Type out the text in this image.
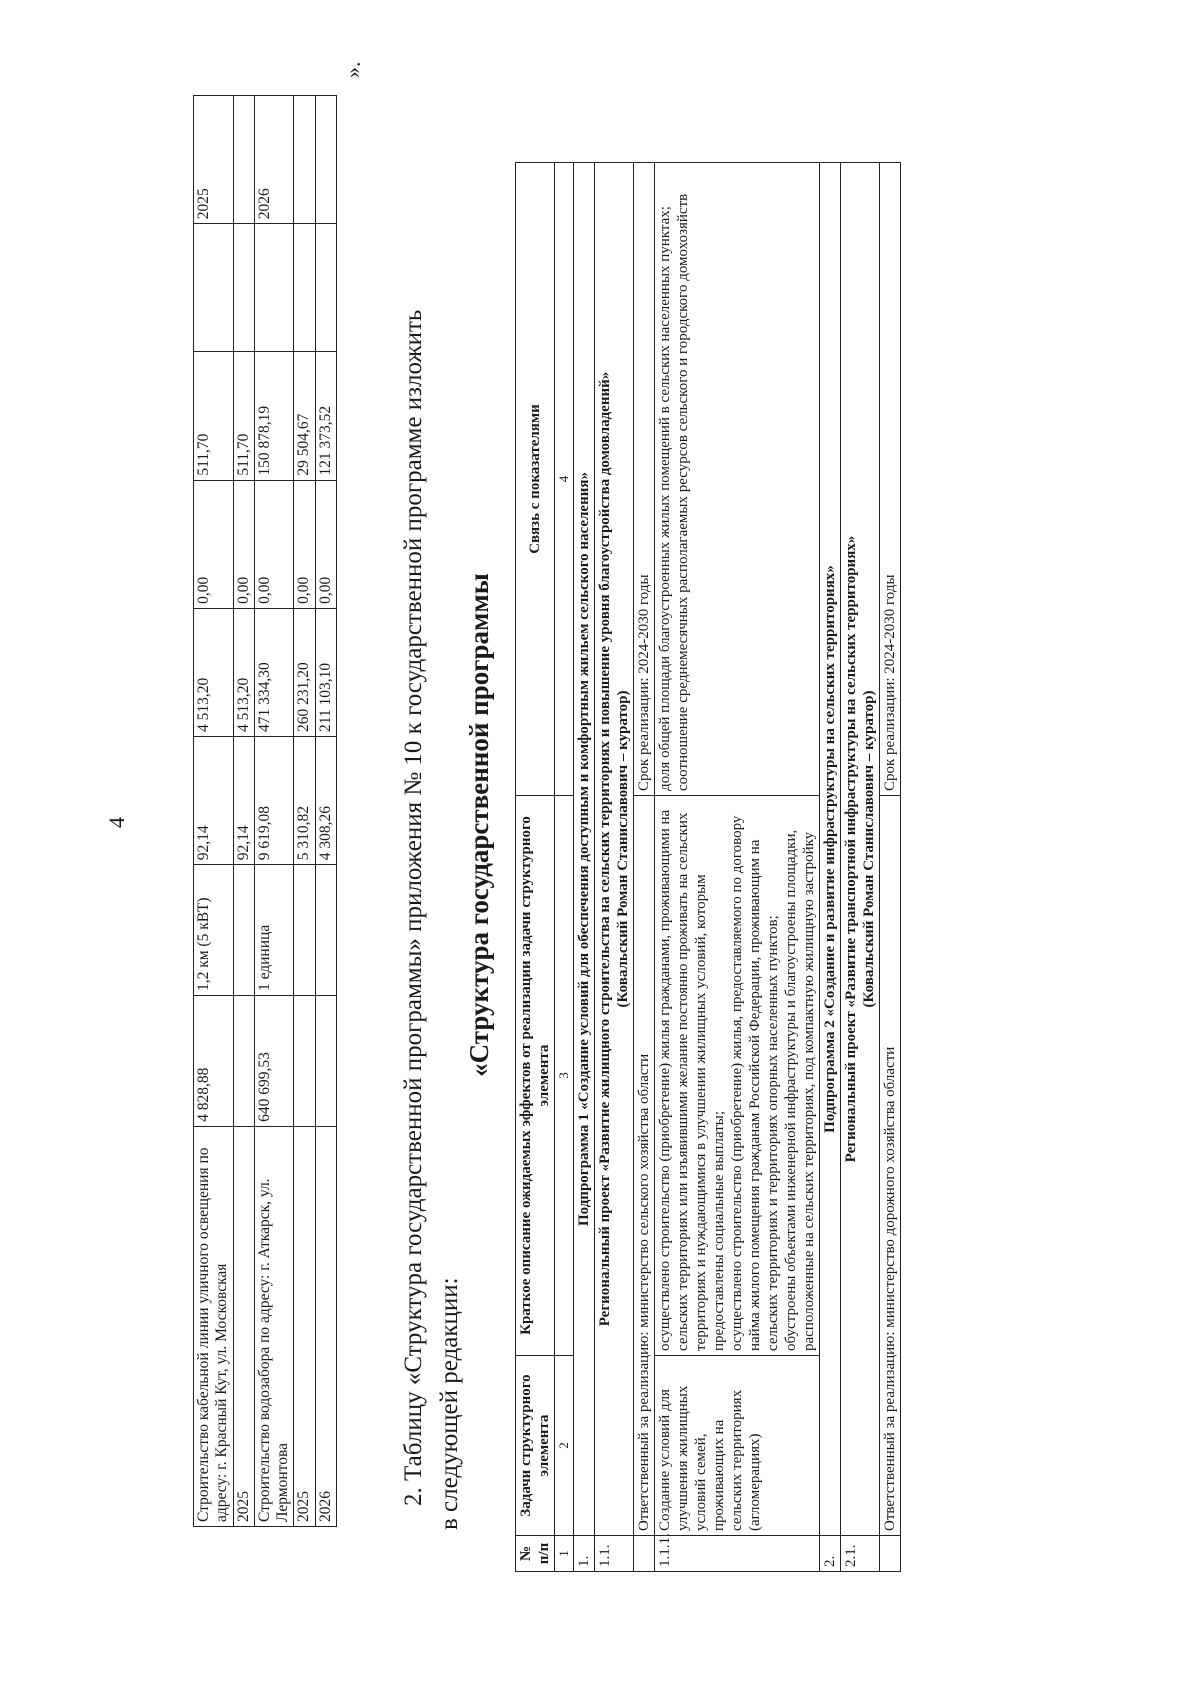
4
Строительство кабельной линии уличного освещения по адресу: г. Красный Кут, ул. Московская	4 828,88	1,2 км (5 кВТ)	92,14	4 513,20	0,00	511,70		2025
2025			92,14	4 513,20	0,00	511,70		
Строительство водозабора по адресу: г. Аткарск, ул. Лермонтова	640 699,53	1 единица	9 619,08	471 334,30	0,00	150 878,19		2026
2025			5 310,82	260 231,20	0,00	29 504,67		
2026			4 308,26	211 103,10	0,00	121 373,52		
».
2. Таблицу «Структура государственной программы» приложения № 10 к государственной программе изложить в следующей редакции:
«Структура государственной программы
№ п/п	Задачи структурного элемента	Краткое описание ожидаемых эффектов от реализации задачи структурного элемента	Связь с показателями
1	2	3	4
1.	Подпрограмма 1 «Создание условий для обеспечения доступным и комфортным жильем сельского населения»		
1.1.	Региональный проект «Развитие жилищного строительства на сельских территориях и повышение уровня благоустройства домовладений» (Ковальский Роман Станиславович – куратор)		

	Ответственный за реализацию: министерство сельского хозяйства области		Срок реализации: 2024-2030 годы
1.1.1.	Создание условий для улучшения жилищных условий семей, проживающих на сельских территориях (агломерациях)	осуществлено строительство (приобретение) жилья гражданами, проживающими на сельских территориях или изъявившими желание постоянно проживать на сельских территориях и нуждающимися в улучшении жилищных условий, которым предоставлены социальные выплаты; осуществлено строительство (приобретение) жилья, предоставляемого по договору найма жилого помещения гражданам Российской Федерации, проживающим на сельских территориях и территориях опорных населенных пунктов; обустроены объектами инженерной инфраструктуры и благоустроены площадки, расположенные на сельских территориях, под компактную жилищную застройку	доля общей площади благоустроенных жилых помещений в сельских населенных пунктах; соотношение среднемесячных располагаемых ресурсов сельского и городского домохозяйств

2.	Подпрограмма 2 «Создание и развитие инфраструктуры на сельских территориях»		
2.1.	Региональный проект «Развитие транспортной инфраструктуры на сельских территориях» (Ковальский Роман Станиславович – куратор)		

	Ответственный за реализацию: министерство дорожного хозяйства области		Срок реализации: 2024-2030 годы
